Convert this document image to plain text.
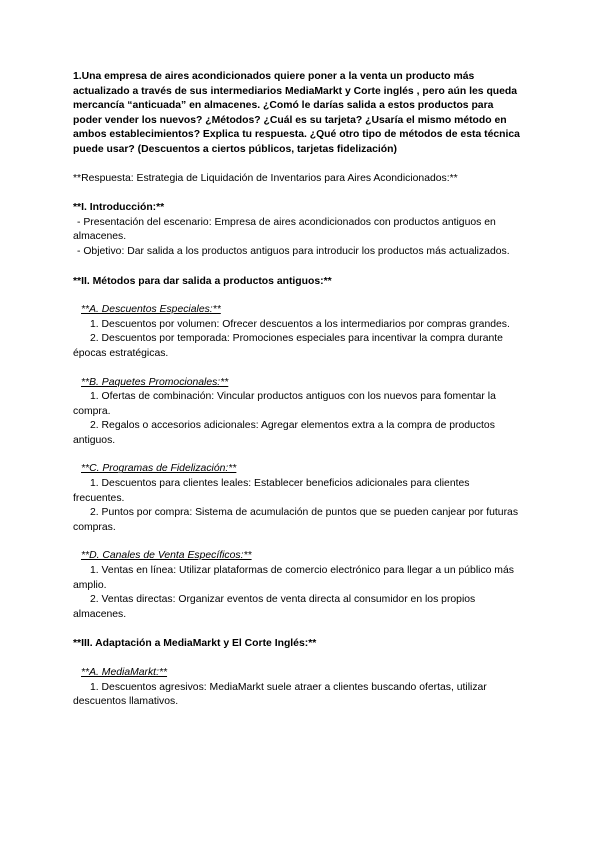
1.Una empresa de aires acondicionados quiere poner a la venta un producto más actualizado a través de sus intermediarios MediaMarkt y Corte inglés , pero aún les queda mercancía “anticuada” en almacenes. ¿Comó le darías salida a estos productos para poder vender los nuevos? ¿Métodos? ¿Cuál es su tarjeta? ¿Usaría el mismo método en ambos establecimientos? Explica tu respuesta. ¿Qué otro tipo de métodos de esta técnica puede usar? (Descuentos a ciertos públicos, tarjetas fidelización)

**Respuesta: Estrategia de Liquidación de Inventarios para Aires Acondicionados:**

**I. Introducción:**

- Presentación del escenario: Empresa de aires acondicionados con productos antiguos en almacenes.

- Objetivo: Dar salida a los productos antiguos para introducir los productos más actualizados.

**II. Métodos para dar salida a productos antiguos:**

**A. Descuentos Especiales:**

1. Descuentos por volumen: Ofrecer descuentos a los intermediarios por compras grandes.

2. Descuentos por temporada: Promociones especiales para incentivar la compra durante épocas estratégicas.

**B. Paquetes Promocionales:**

1. Ofertas de combinación: Vincular productos antiguos con los nuevos para fomentar la compra.

2. Regalos o accesorios adicionales: Agregar elementos extra a la compra de productos antiguos.

**C. Programas de Fidelización:**

1. Descuentos para clientes leales: Establecer beneficios adicionales para clientes frecuentes.

2. Puntos por compra: Sistema de acumulación de puntos que se pueden canjear por futuras compras.

**D. Canales de Venta Específicos:**

1. Ventas en línea: Utilizar plataformas de comercio electrónico para llegar a un público más amplio.

2. Ventas directas: Organizar eventos de venta directa al consumidor en los propios almacenes.

**III. Adaptación a MediaMarkt y El Corte Inglés:**

**A. MediaMarkt:**

1. Descuentos agresivos: MediaMarkt suele atraer a clientes buscando ofertas, utilizar descuentos llamativos.
